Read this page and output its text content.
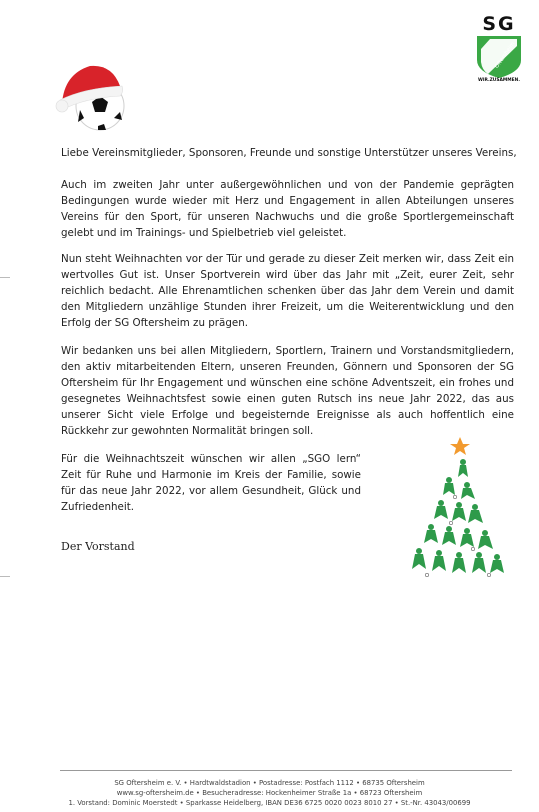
SG
Oftersheim
WIR.ZUSAMMEN.

Liebe Vereinsmitglieder, Sponsoren, Freunde und sonstige Unterstützer unseres Vereins,

Auch im zweiten Jahr unter außergewöhnlichen und von der Pandemie geprägten Bedingungen wurde wieder mit Herz und Engagement in allen Abteilungen unseres Vereins für den Sport, für unseren Nachwuchs und die große Sportlergemeinschaft gelebt und im Trainings- und Spielbetrieb viel geleistet.

Nun steht Weihnachten vor der Tür und gerade zu dieser Zeit merken wir, dass Zeit ein wertvolles Gut ist. Unser Sportverein wird über das Jahr mit „Zeit, eurer Zeit, sehr reichlich bedacht. Alle Ehrenamtlichen schenken über das Jahr dem Verein und damit den Mitgliedern unzählige Stunden ihrer Freizeit, um die Weiterentwicklung und den Erfolg der SG Oftersheim zu prägen.

Wir bedanken uns bei allen Mitgliedern, Sportlern, Trainern und Vorstandsmitgliedern, den aktiv mitarbeitenden Eltern, unseren Freunden, Gönnern und Sponsoren der SG Oftersheim für Ihr Engagement und wünschen eine schöne Adventszeit, ein frohes und gesegnetes Weihnachtsfest sowie einen guten Rutsch ins neue Jahr 2022, das aus unserer Sicht viele Erfolge und begeisternde Ereignisse als auch hoffentlich eine Rückkehr zur gewohnten Normalität bringen soll.

Für die Weihnachtszeit wünschen wir allen „SGO lern“ Zeit für Ruhe und Harmonie im Kreis der Familie, sowie für das neue Jahr 2022, vor allem Gesundheit, Glück und Zufriedenheit.

Der Vorstand

SG Oftersheim e. V. • Hardtwaldstadion • Postadresse: Postfach 1112 • 68735 Oftersheim
www.sg-oftersheim.de • Besucheradresse: Hockenheimer Straße 1a • 68723 Oftersheim
1. Vorstand: Dominic Moerstedt • Sparkasse Heidelberg, IBAN DE36 6725 0020 0023 8010 27 • St.-Nr. 43043/00699
